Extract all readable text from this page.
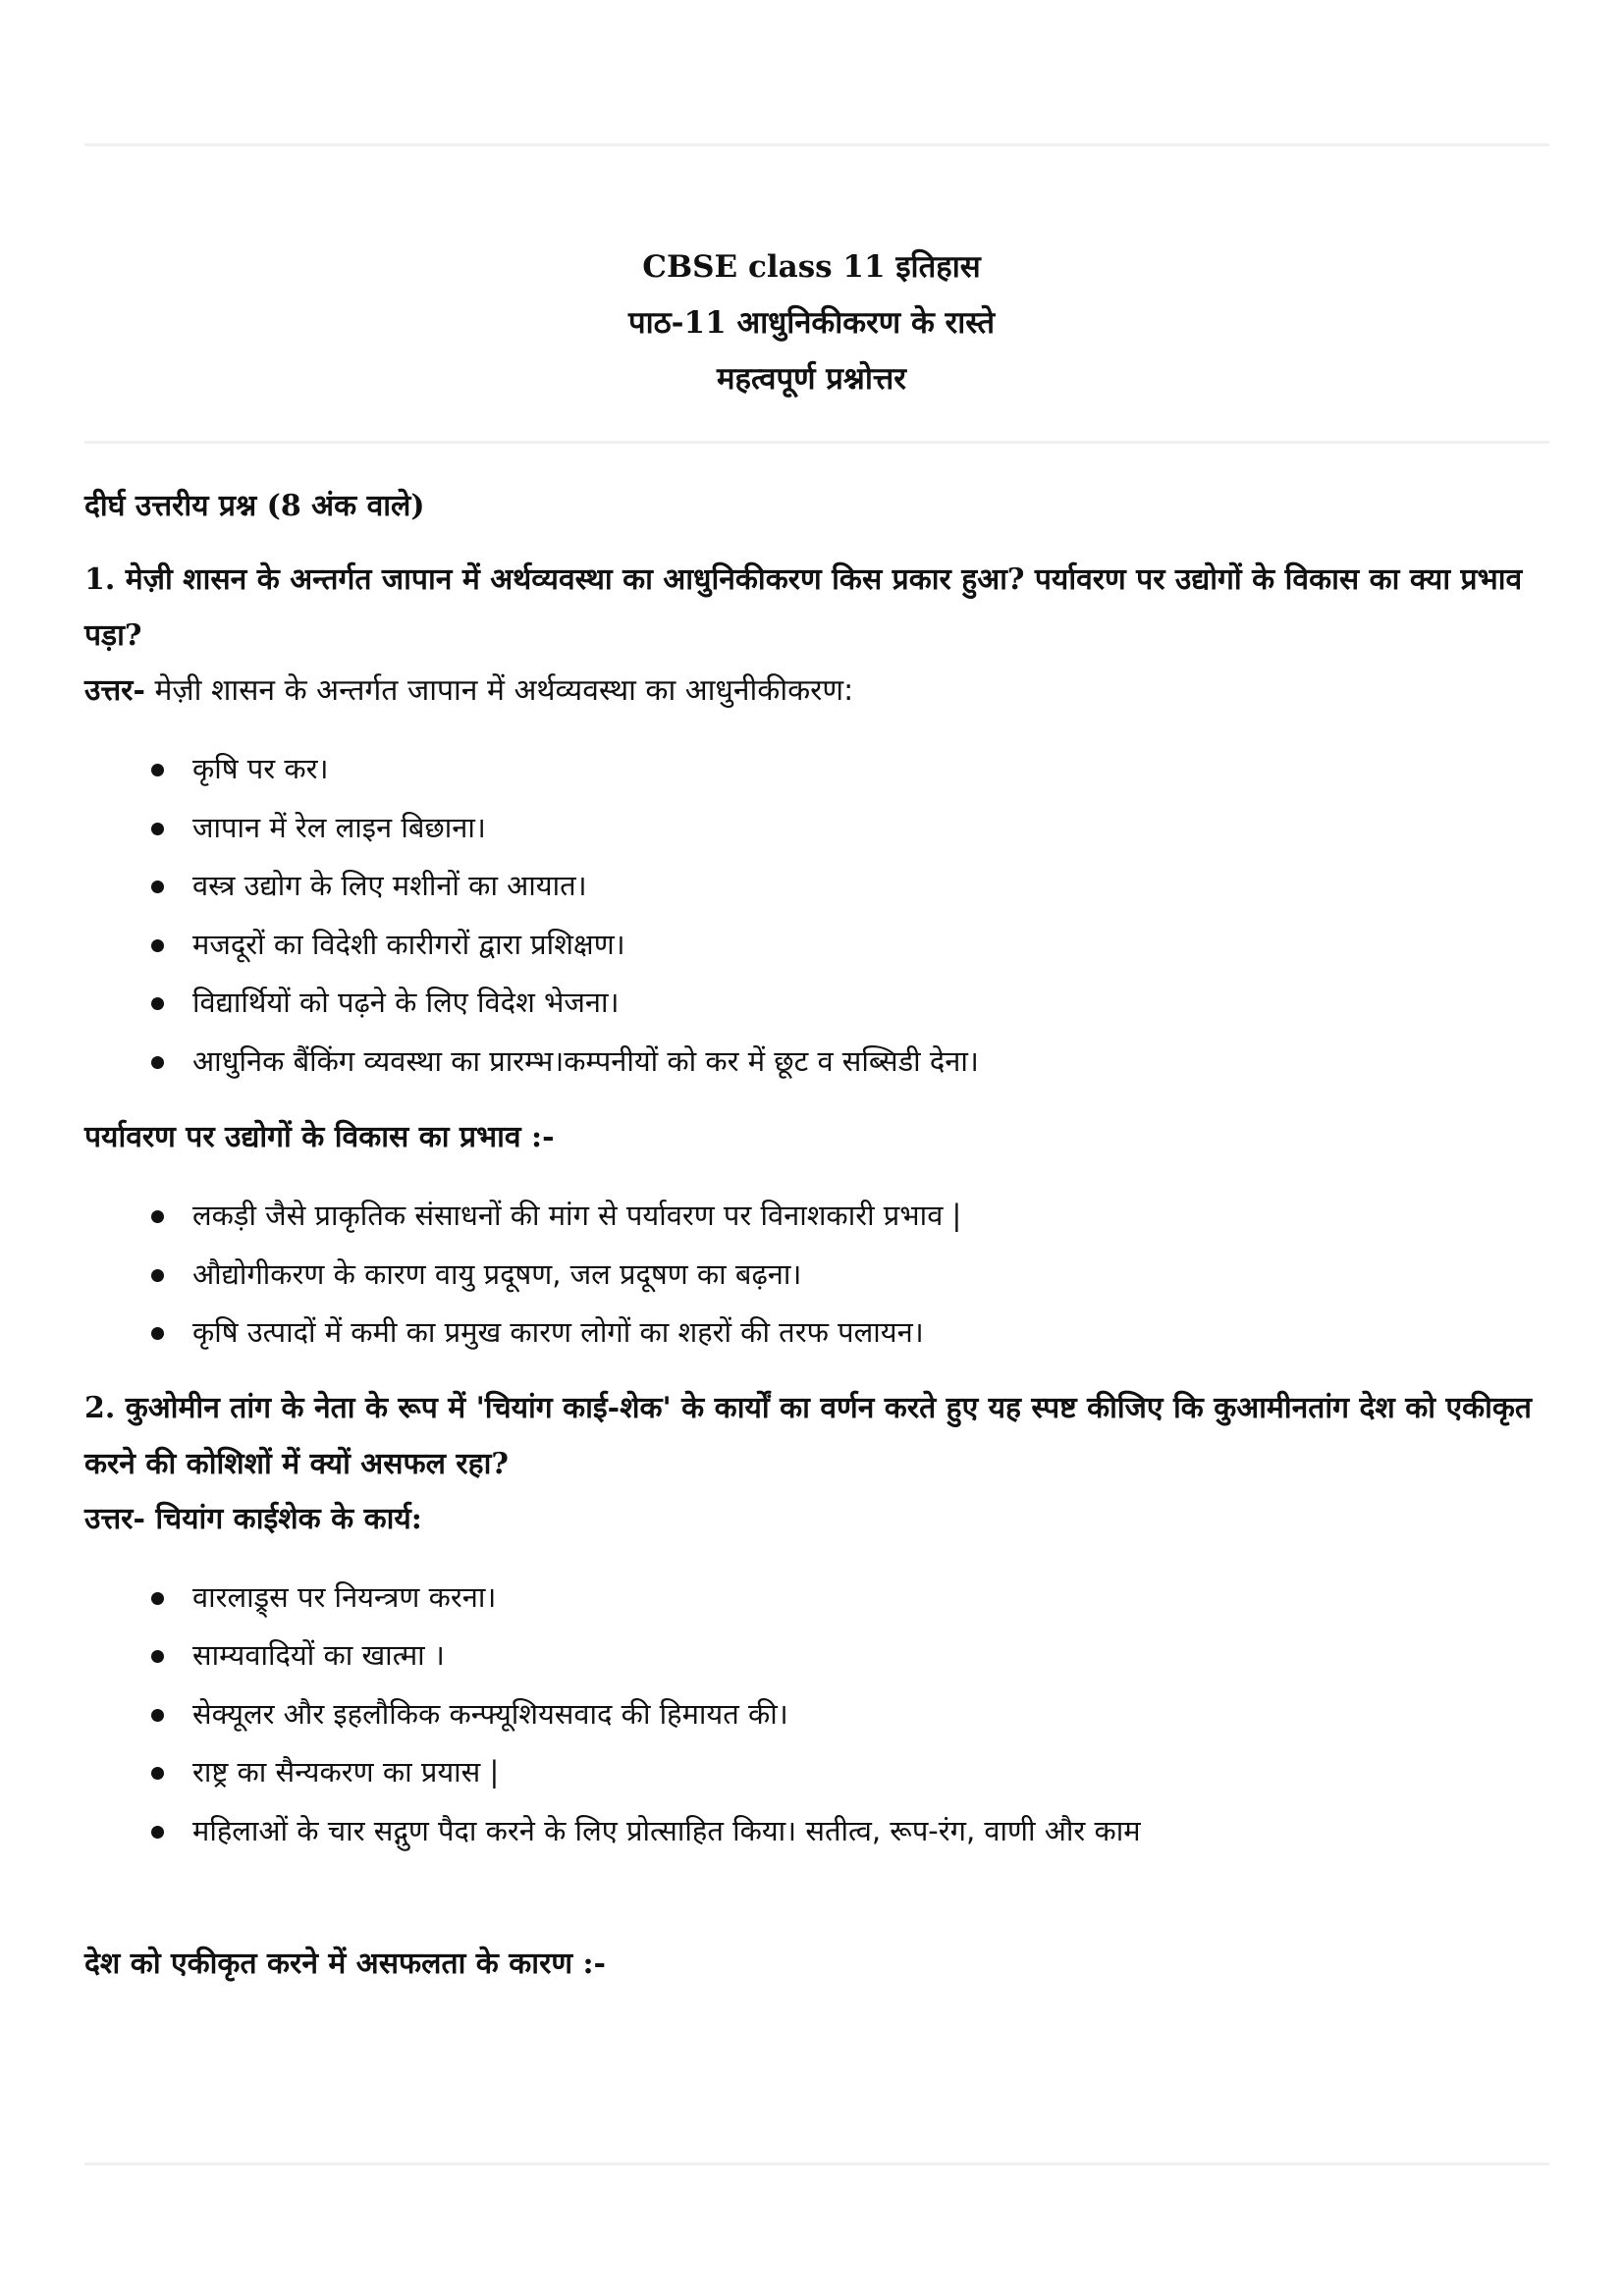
CBSE class 11 इतिहास
पाठ-11 आधुनिकीकरण के रास्ते
महत्वपूर्ण प्रश्नोत्तर
दीर्घ उत्तरीय प्रश्न (8 अंक वाले)
1. मेज़ी शासन के अन्तर्गत जापान में अर्थव्यवस्था का आधुनिकीकरण किस प्रकार हुआ? पर्यावरण पर उद्योगों के विकास का क्या प्रभाव पड़ा?
उत्तर- मेज़ी शासन के अन्तर्गत जापान में अर्थव्यवस्था का आधुनीकीकरण:
कृषि पर कर।
जापान में रेल लाइन बिछाना।
वस्त्र उद्योग के लिए मशीनों का आयात।
मजदूरों का विदेशी कारीगरों द्वारा प्रशिक्षण।
विद्यार्थियों को पढ़ने के लिए विदेश भेजना।
आधुनिक बैंकिंग व्यवस्था का प्रारम्भ।कम्पनीयों को कर में छूट व सब्सिडी देना।
पर्यावरण पर उद्योगों के विकास का प्रभाव :-
लकड़ी जैसे प्राकृतिक संसाधनों की मांग से पर्यावरण पर विनाशकारी प्रभाव |
औद्योगीकरण के कारण वायु प्रदूषण, जल प्रदूषण का बढ़ना।
कृषि उत्पादों में कमी का प्रमुख कारण लोगों का शहरों की तरफ पलायन।
2. कुओमीन तांग के नेता के रूप में 'चियांग काई-शेक' के कार्यों का वर्णन करते हुए यह स्पष्ट कीजिए कि कुआमीनतांग देश को एकीकृत करने की कोशिशों में क्यों असफल रहा?
उत्तर- चियांग काईशेक के कार्य:
वारलाड्र्स पर नियन्त्रण करना।
साम्यवादियों का खात्मा ।
सेक्यूलर और इहलौकिक कन्फ्यूशियसवाद की हिमायत की।
राष्ट्र का सैन्यकरण का प्रयास |
महिलाओं के चार सद्गुण पैदा करने के लिए प्रोत्साहित किया। सतीत्व, रूप-रंग, वाणी और काम
देश को एकीकृत करने में असफलता के कारण :-
